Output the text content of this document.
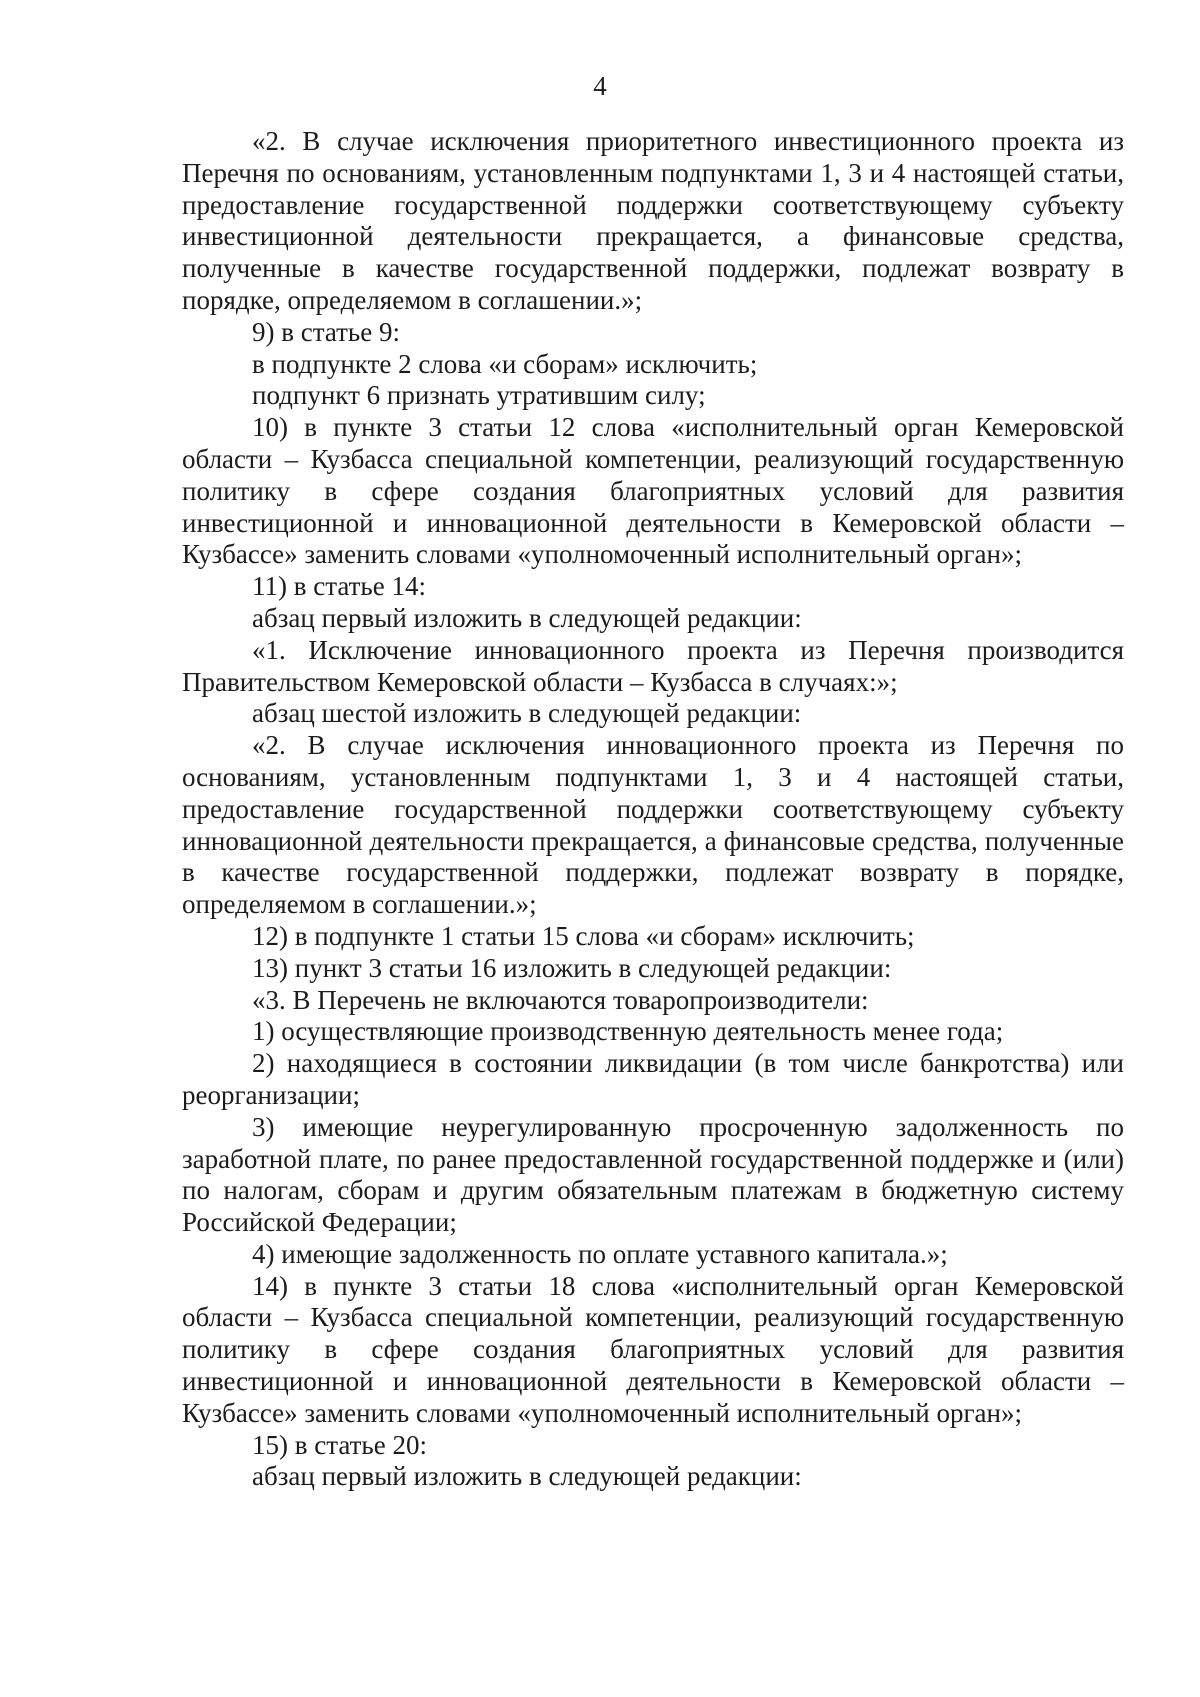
4

«2. В случае исключения приоритетного инвестиционного проекта из Перечня по основаниям, установленным подпунктами 1, 3 и 4 настоящей статьи, предоставление государственной поддержки соответствующему субъекту инвестиционной деятельности прекращается, а финансовые средства, полученные в качестве государственной поддержки, подлежат возврату в порядке, определяемом в соглашении.»;

9) в статье 9:

в подпункте 2 слова «и сборам» исключить;

подпункт 6 признать утратившим силу;

10) в пункте 3 статьи 12 слова «исполнительный орган Кемеровской области – Кузбасса специальной компетенции, реализующий государственную политику в сфере создания благоприятных условий для развития инвестиционной и инновационной деятельности в Кемеровской области – Кузбассе» заменить словами «уполномоченный исполнительный орган»;

11) в статье 14:

абзац первый изложить в следующей редакции:

«1. Исключение инновационного проекта из Перечня производится Правительством Кемеровской области – Кузбасса в случаях:»;

абзац шестой изложить в следующей редакции:

«2. В случае исключения инновационного проекта из Перечня по основаниям, установленным подпунктами 1, 3 и 4 настоящей статьи, предоставление государственной поддержки соответствующему субъекту инновационной деятельности прекращается, а финансовые средства, полученные в качестве государственной поддержки, подлежат возврату в порядке, определяемом в соглашении.»;

12) в подпункте 1 статьи 15 слова «и сборам» исключить;

13) пункт 3 статьи 16 изложить в следующей редакции:

«3. В Перечень не включаются товаропроизводители:

1) осуществляющие производственную деятельность менее года;

2) находящиеся в состоянии ликвидации (в том числе банкротства) или реорганизации;

3) имеющие неурегулированную просроченную задолженность по заработной плате, по ранее предоставленной государственной поддержке и (или) по налогам, сборам и другим обязательным платежам в бюджетную систему Российской Федерации;

4) имеющие задолженность по оплате уставного капитала.»;

14) в пункте 3 статьи 18 слова «исполнительный орган Кемеровской области – Кузбасса специальной компетенции, реализующий государственную политику в сфере создания благоприятных условий для развития инвестиционной и инновационной деятельности в Кемеровской области – Кузбассе» заменить словами «уполномоченный исполнительный орган»;

15) в статье 20:

абзац первый изложить в следующей редакции:
